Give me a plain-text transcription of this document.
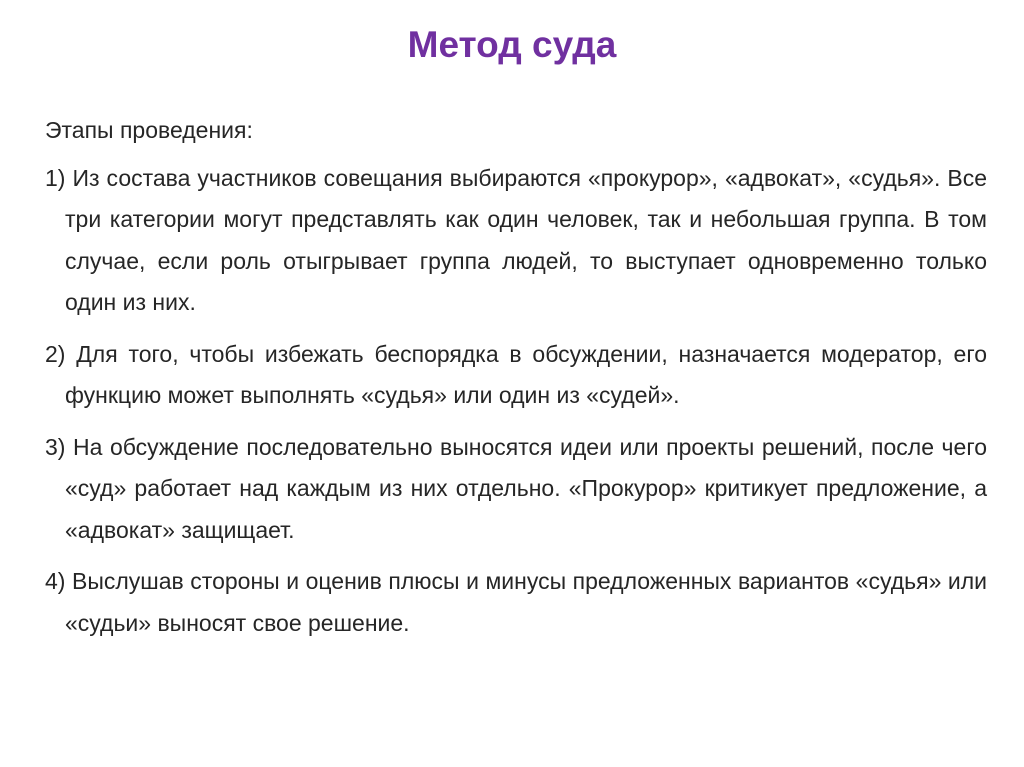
Метод суда

Этапы проведения:

1) Из состава участников совещания выбираются «прокурор», «адвокат», «судья». Все три категории могут представлять как один человек, так и небольшая группа. В том случае, если роль отыгрывает группа людей, то выступает одновременно только один из них.

2) Для того, чтобы избежать беспорядка в обсуждении, назначается модератор, его функцию может выполнять «судья» или один из «судей».

3) На обсуждение последовательно выносятся идеи или проекты решений, после чего «суд» работает над каждым из них отдельно. «Прокурор» критикует предложение, а «адвокат» защищает.

4) Выслушав стороны и оценив плюсы и минусы предложенных вариантов «судья» или «судьи» выносят свое решение.
